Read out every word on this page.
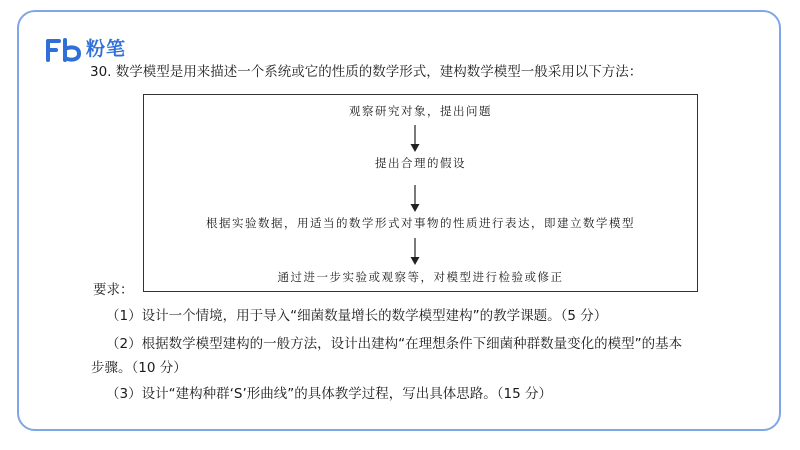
粉笔
30. 数学模型是用来描述一个系统或它的性质的数学形式，建构数学模型一般采用以下方法：
观察研究对象，提出问题
提出合理的假设
根据实验数据，用适当的数学形式对事物的性质进行表达，即建立数学模型
通过进一步实验或观察等，对模型进行检验或修正
要求：
（1）设计一个情境，用于导入“细菌数量增长的数学模型建构”的教学课题。（5 分）
（2）根据数学模型建构的一般方法，设计出建构“在理想条件下细菌种群数量变化的模型”的基本
步骤。（10 分）
（3）设计“建构种群‘S’形曲线”的具体教学过程，写出具体思路。（15 分）
